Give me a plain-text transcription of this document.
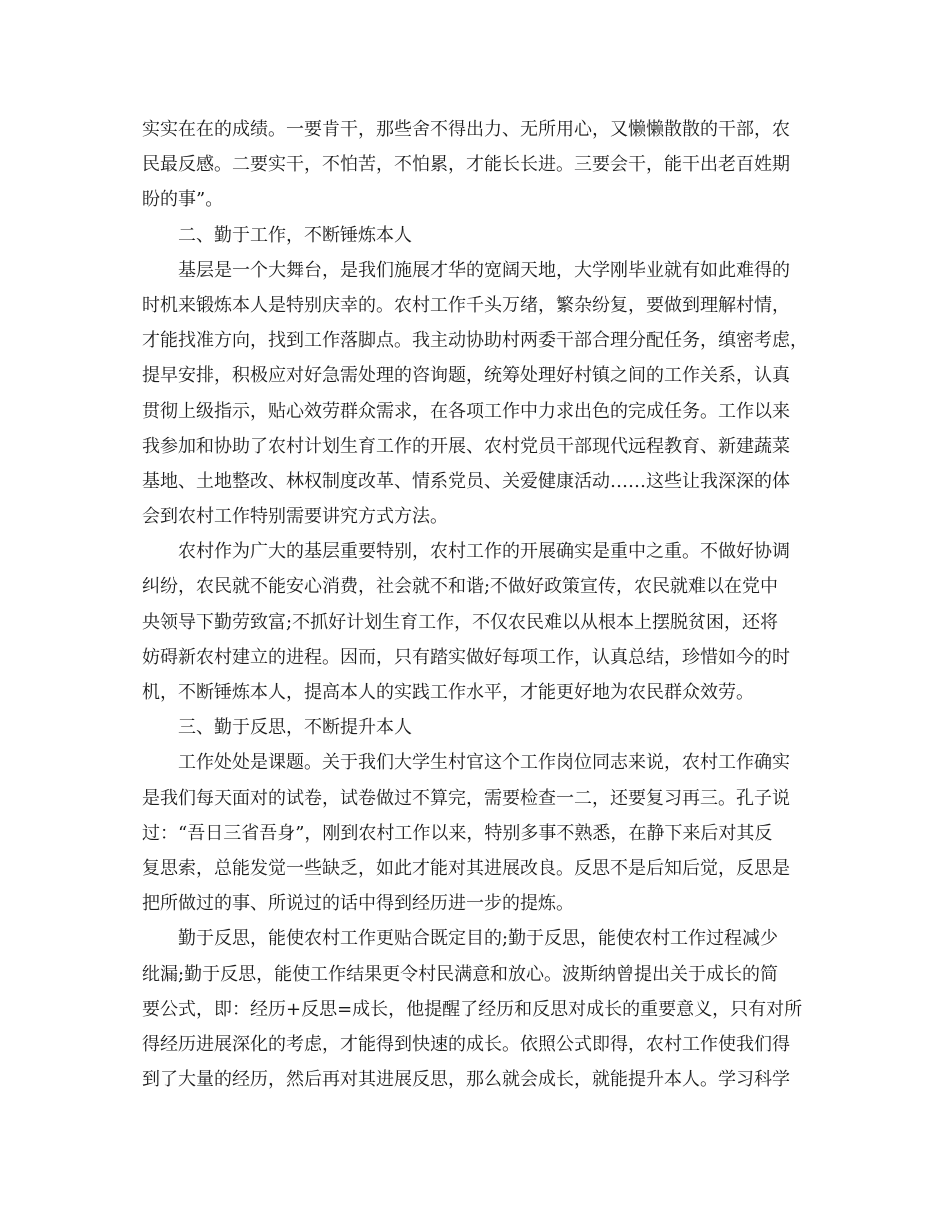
实实在在的成绩。一要肯干，那些舍不得出力、无所用心，又懒懒散散的干部，农
民最反感。二要实干，不怕苦，不怕累，才能长长进。三要会干，能干出老百姓期
盼的事”。
二、勤于工作，不断锤炼本人
基层是一个大舞台，是我们施展才华的宽阔天地，大学刚毕业就有如此难得的
时机来锻炼本人是特别庆幸的。农村工作千头万绪，繁杂纷复，要做到理解村情，
才能找准方向，找到工作落脚点。我主动协助村两委干部合理分配任务，缜密考虑，
提早安排，积极应对好急需处理的咨询题，统筹处理好村镇之间的工作关系，认真
贯彻上级指示，贴心效劳群众需求，在各项工作中力求出色的完成任务。工作以来
我参加和协助了农村计划生育工作的开展、农村党员干部现代远程教育、新建蔬菜
基地、土地整改、林权制度改革、情系党员、关爱健康活动……这些让我深深的体
会到农村工作特别需要讲究方式方法。
农村作为广大的基层重要特别，农村工作的开展确实是重中之重。不做好协调
纠纷，农民就不能安心消费，社会就不和谐;不做好政策宣传，农民就难以在党中
央领导下勤劳致富;不抓好计划生育工作，不仅农民难以从根本上摆脱贫困，还将
妨碍新农村建立的进程。因而，只有踏实做好每项工作，认真总结，珍惜如今的时
机，不断锤炼本人，提高本人的实践工作水平，才能更好地为农民群众效劳。
三、勤于反思，不断提升本人
工作处处是课题。关于我们大学生村官这个工作岗位同志来说，农村工作确实
是我们每天面对的试卷，试卷做过不算完，需要检查一二，还要复习再三。孔子说
过：“吾日三省吾身”，刚到农村工作以来，特别多事不熟悉，在静下来后对其反
复思索，总能发觉一些缺乏，如此才能对其进展改良。反思不是后知后觉，反思是
把所做过的事、所说过的话中得到经历进一步的提炼。
勤于反思，能使农村工作更贴合既定目的;勤于反思，能使农村工作过程减少
纰漏;勤于反思，能使工作结果更令村民满意和放心。波斯纳曾提出关于成长的简
要公式，即：经历+反思=成长，他提醒了经历和反思对成长的重要意义，只有对所
得经历进展深化的考虑，才能得到快速的成长。依照公式即得，农村工作使我们得
到了大量的经历，然后再对其进展反思，那么就会成长，就能提升本人。学习科学
